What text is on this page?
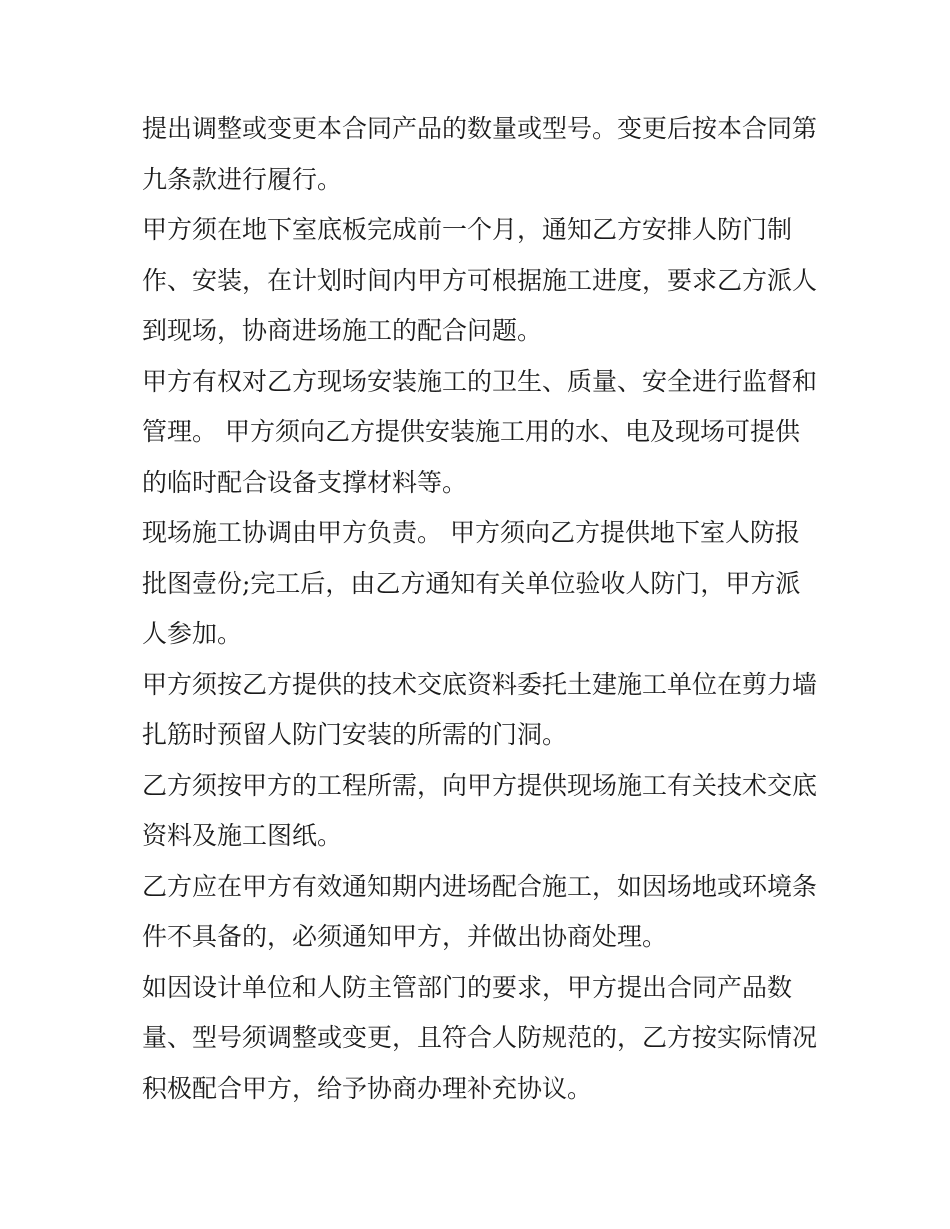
提出调整或变更本合同产品的数量或型号。变更后按本合同第
九条款进行履行。
甲方须在地下室底板完成前一个月，通知乙方安排人防门制
作、安装，在计划时间内甲方可根据施工进度，要求乙方派人
到现场，协商进场施工的配合问题。
甲方有权对乙方现场安装施工的卫生、质量、安全进行监督和
管理。 甲方须向乙方提供安装施工用的水、电及现场可提供
的临时配合设备支撑材料等。
现场施工协调由甲方负责。 甲方须向乙方提供地下室人防报
批图壹份;完工后，由乙方通知有关单位验收人防门，甲方派
人参加。
甲方须按乙方提供的技术交底资料委托土建施工单位在剪力墙
扎筋时预留人防门安装的所需的门洞。
乙方须按甲方的工程所需，向甲方提供现场施工有关技术交底
资料及施工图纸。
乙方应在甲方有效通知期内进场配合施工，如因场地或环境条
件不具备的，必须通知甲方，并做出协商处理。
如因设计单位和人防主管部门的要求，甲方提出合同产品数
量、型号须调整或变更，且符合人防规范的，乙方按实际情况
积极配合甲方，给予协商办理补充协议。
